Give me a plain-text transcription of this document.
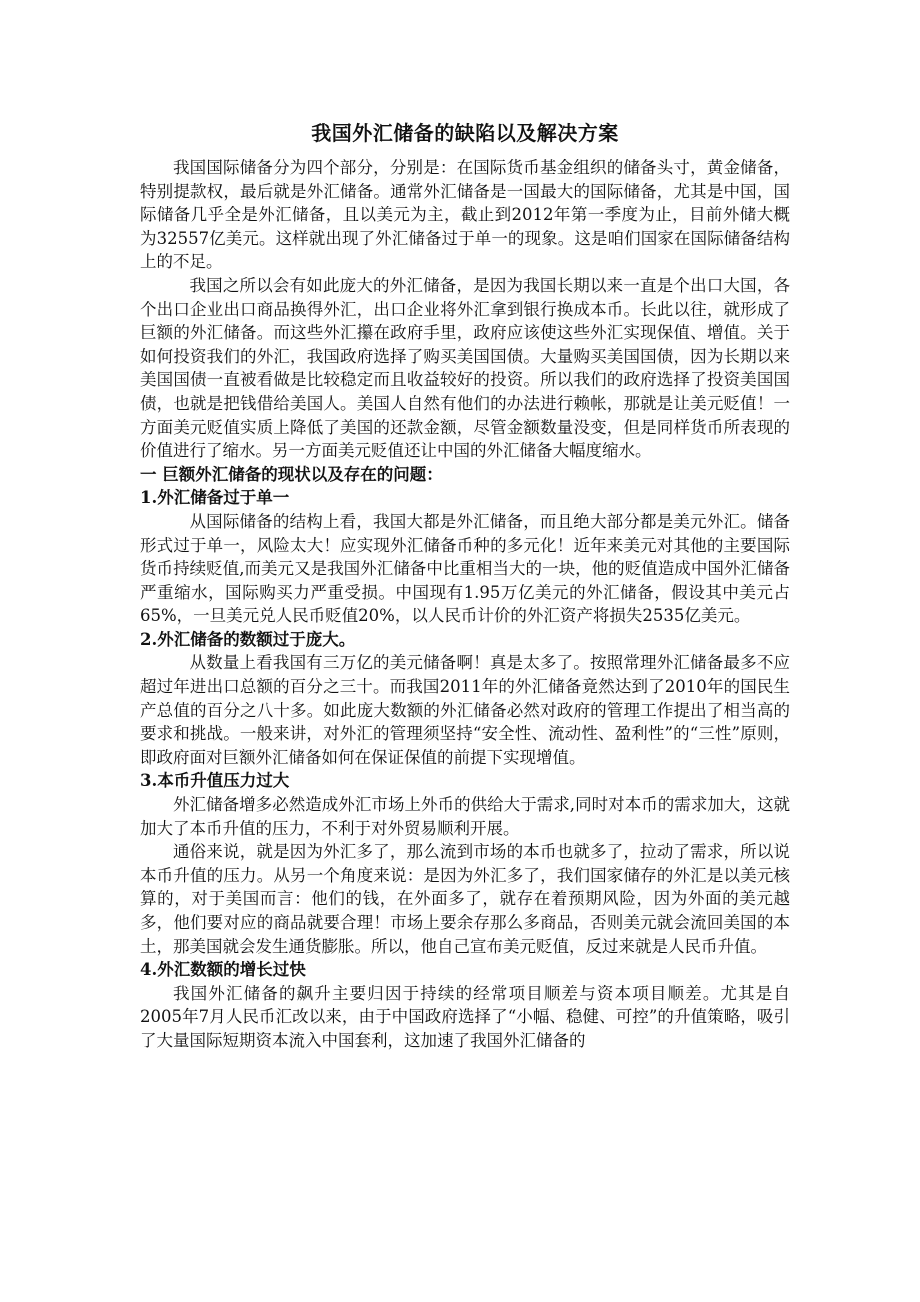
我国外汇储备的缺陷以及解决方案

我国国际储备分为四个部分，分别是：在国际货币基金组织的储备头寸，黄金储备，特别提款权，最后就是外汇储备。通常外汇储备是一国最大的国际储备，尤其是中国，国际储备几乎全是外汇储备，且以美元为主，截止到2012年第一季度为止，目前外储大概为32557亿美元。这样就出现了外汇储备过于单一的现象。这是咱们国家在国际储备结构上的不足。

我国之所以会有如此庞大的外汇储备，是因为我国长期以来一直是个出口大国，各个出口企业出口商品换得外汇，出口企业将外汇拿到银行换成本币。长此以往，就形成了巨额的外汇储备。而这些外汇攥在政府手里，政府应该使这些外汇实现保值、增值。关于如何投资我们的外汇，我国政府选择了购买美国国债。大量购买美国国债，因为长期以来美国国债一直被看做是比较稳定而且收益较好的投资。所以我们的政府选择了投资美国国债，也就是把钱借给美国人。美国人自然有他们的办法进行赖帐，那就是让美元贬值！一方面美元贬值实质上降低了美国的还款金额，尽管金额数量没变，但是同样货币所表现的价值进行了缩水。另一方面美元贬值还让中国的外汇储备大幅度缩水。

一 巨额外汇储备的现状以及存在的问题：
1.外汇储备过于单一

从国际储备的结构上看，我国大都是外汇储备，而且绝大部分都是美元外汇。储备形式过于单一，风险太大！应实现外汇储备币种的多元化！近年来美元对其他的主要国际货币持续贬值,而美元又是我国外汇储备中比重相当大的一块，他的贬值造成中国外汇储备严重缩水，国际购买力严重受损。中国现有1.95万亿美元的外汇储备，假设其中美元占65%，一旦美元兑人民币贬值20%，以人民币计价的外汇资产将损失2535亿美元。

2.外汇储备的数额过于庞大。

从数量上看我国有三万亿的美元储备啊！真是太多了。按照常理外汇储备最多不应超过年进出口总额的百分之三十。而我国2011年的外汇储备竟然达到了2010年的国民生产总值的百分之八十多。如此庞大数额的外汇储备必然对政府的管理工作提出了相当高的要求和挑战。一般来讲，对外汇的管理须坚持“安全性、流动性、盈利性”的“三性”原则，即政府面对巨额外汇储备如何在保证保值的前提下实现增值。

3.本币升值压力过大

外汇储备增多必然造成外汇市场上外币的供给大于需求,同时对本币的需求加大，这就加大了本币升值的压力，不利于对外贸易顺利开展。

通俗来说，就是因为外汇多了，那么流到市场的本币也就多了，拉动了需求，所以说本币升值的压力。从另一个角度来说：是因为外汇多了，我们国家储存的外汇是以美元核算的，对于美国而言：他们的钱，在外面多了，就存在着预期风险，因为外面的美元越多，他们要对应的商品就要合理！市场上要余存那么多商品，否则美元就会流回美国的本土，那美国就会发生通货膨胀。所以，他自己宣布美元贬值，反过来就是人民币升值。

4.外汇数额的增长过快

我国外汇储备的飙升主要归因于持续的经常项目顺差与资本项目顺差。尤其是自2005年7月人民币汇改以来，由于中国政府选择了“小幅、稳健、可控”的升值策略，吸引了大量国际短期资本流入中国套利，这加速了我国外汇储备的
